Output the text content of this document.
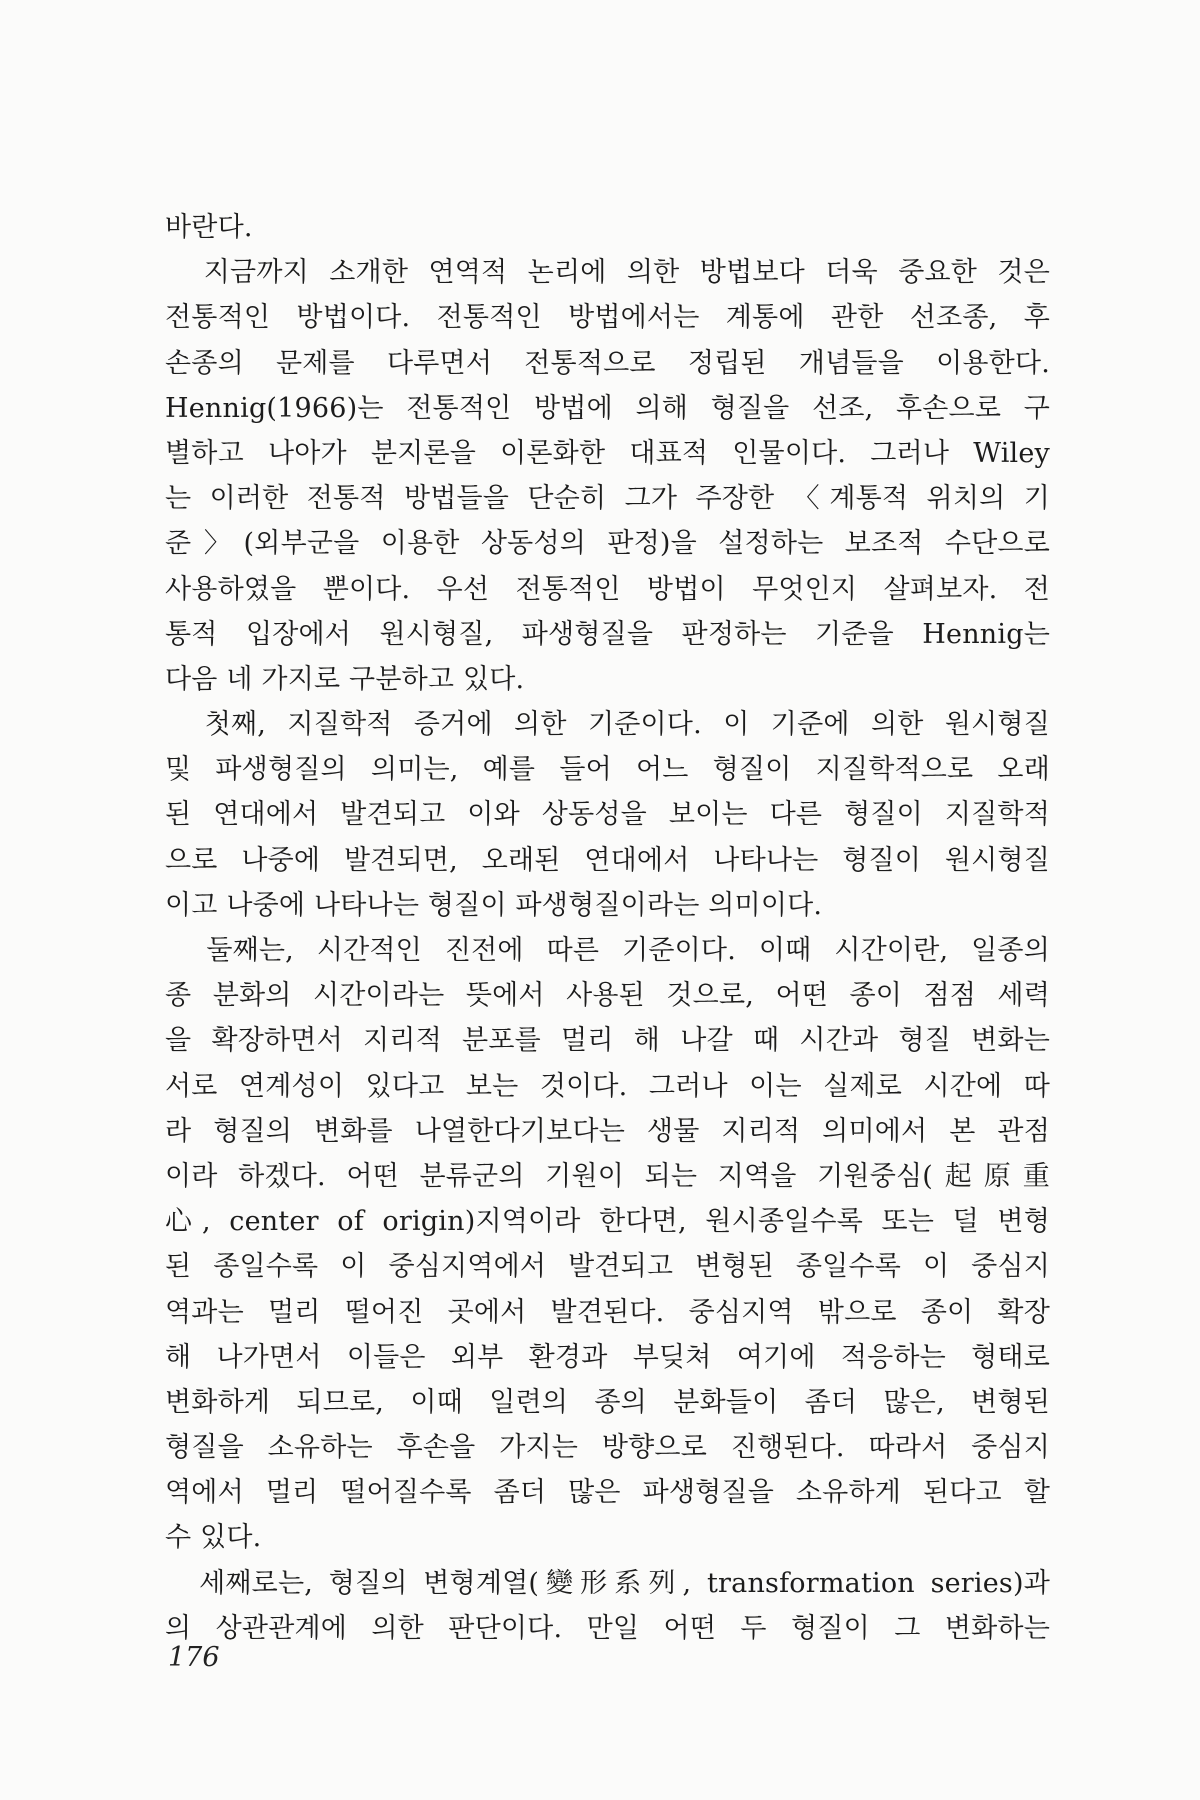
바란다.
　지금까지 소개한 연역적 논리에 의한 방법보다 더욱 중요한 것은
전통적인 방법이다. 전통적인 방법에서는 계통에 관한 선조종, 후
손종의 문제를 다루면서 전통적으로 정립된 개념들을 이용한다.
Hennig(1966)는 전통적인 방법에 의해 형질을 선조, 후손으로 구
별하고 나아가 분지론을 이론화한 대표적 인물이다. 그러나 Wiley
는 이러한 전통적 방법들을 단순히 그가 주장한 〈계통적 위치의 기
준〉(외부군을 이용한 상동성의 판정)을 설정하는 보조적 수단으로
사용하였을 뿐이다. 우선 전통적인 방법이 무엇인지 살펴보자. 전
통적 입장에서 원시형질, 파생형질을 판정하는 기준을 Hennig는
다음 네 가지로 구분하고 있다.
　첫째, 지질학적 증거에 의한 기준이다. 이 기준에 의한 원시형질
및 파생형질의 의미는, 예를 들어 어느 형질이 지질학적으로 오래
된 연대에서 발견되고 이와 상동성을 보이는 다른 형질이 지질학적
으로 나중에 발견되면, 오래된 연대에서 나타나는 형질이 원시형질
이고 나중에 나타나는 형질이 파생형질이라는 의미이다.
　둘째는, 시간적인 진전에 따른 기준이다. 이때 시간이란, 일종의
종 분화의 시간이라는 뜻에서 사용된 것으로, 어떤 종이 점점 세력
을 확장하면서 지리적 분포를 멀리 해 나갈 때 시간과 형질 변화는
서로 연계성이 있다고 보는 것이다. 그러나 이는 실제로 시간에 따
라 형질의 변화를 나열한다기보다는 생물 지리적 의미에서 본 관점
이라 하겠다. 어떤 분류군의 기원이 되는 지역을 기원중심(起原重
心, center of origin)지역이라 한다면, 원시종일수록 또는 덜 변형
된 종일수록 이 중심지역에서 발견되고 변형된 종일수록 이 중심지
역과는 멀리 떨어진 곳에서 발견된다. 중심지역 밖으로 종이 확장
해 나가면서 이들은 외부 환경과 부딪쳐 여기에 적응하는 형태로
변화하게 되므로, 이때 일련의 종의 분화들이 좀더 많은, 변형된
형질을 소유하는 후손을 가지는 방향으로 진행된다. 따라서 중심지
역에서 멀리 떨어질수록 좀더 많은 파생형질을 소유하게 된다고 할
수 있다.
　세째로는, 형질의 변형계열(變形系列, transformation series)과
의 상관관계에 의한 판단이다. 만일 어떤 두 형질이 그 변화하는
176
